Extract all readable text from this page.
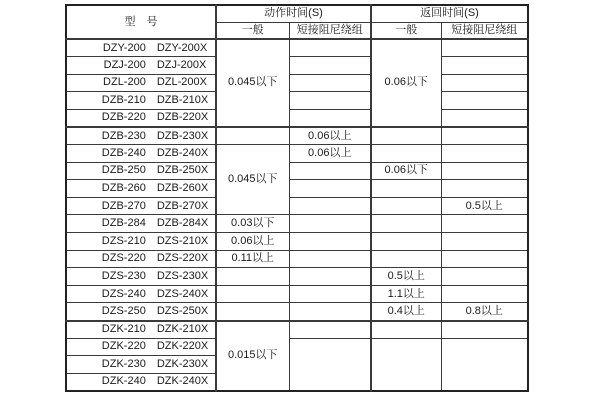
型　号	动作时间(S)		返回时间(S)	
	一般	短接阻尼绕组	一般	短接阻尼绕组
DZY-200 DZY-200X	0.045以下		0.06以下	
DZJ-200 DZJ-200X				
DZL-200 DZL-200X				
DZB-210 DZB-210X				
DZB-220 DZB-220X				
DZB-230 DZB-230X		0.06以上		
DZB-240 DZB-240X	0.045以下	0.06以上		
DZB-250 DZB-250X			0.06以下	
DZB-260 DZB-260X				
DZB-270 DZB-270X				0.5以上
DZB-284 DZB-284X	0.03以下			
DZS-210 DZS-210X	0.06以上			
DZS-220 DZS-220X	0.11以上			
DZS-230 DZS-230X			0.5以上	
DZS-240 DZS-240X			1.1以上	
DZS-250 DZS-250X			0.4以上	0.8以上
DZK-210 DZK-210X	0.015以下			
DZK-220 DZK-220X				
DZK-230 DZK-230X				
DZK-240 DZK-240X				
